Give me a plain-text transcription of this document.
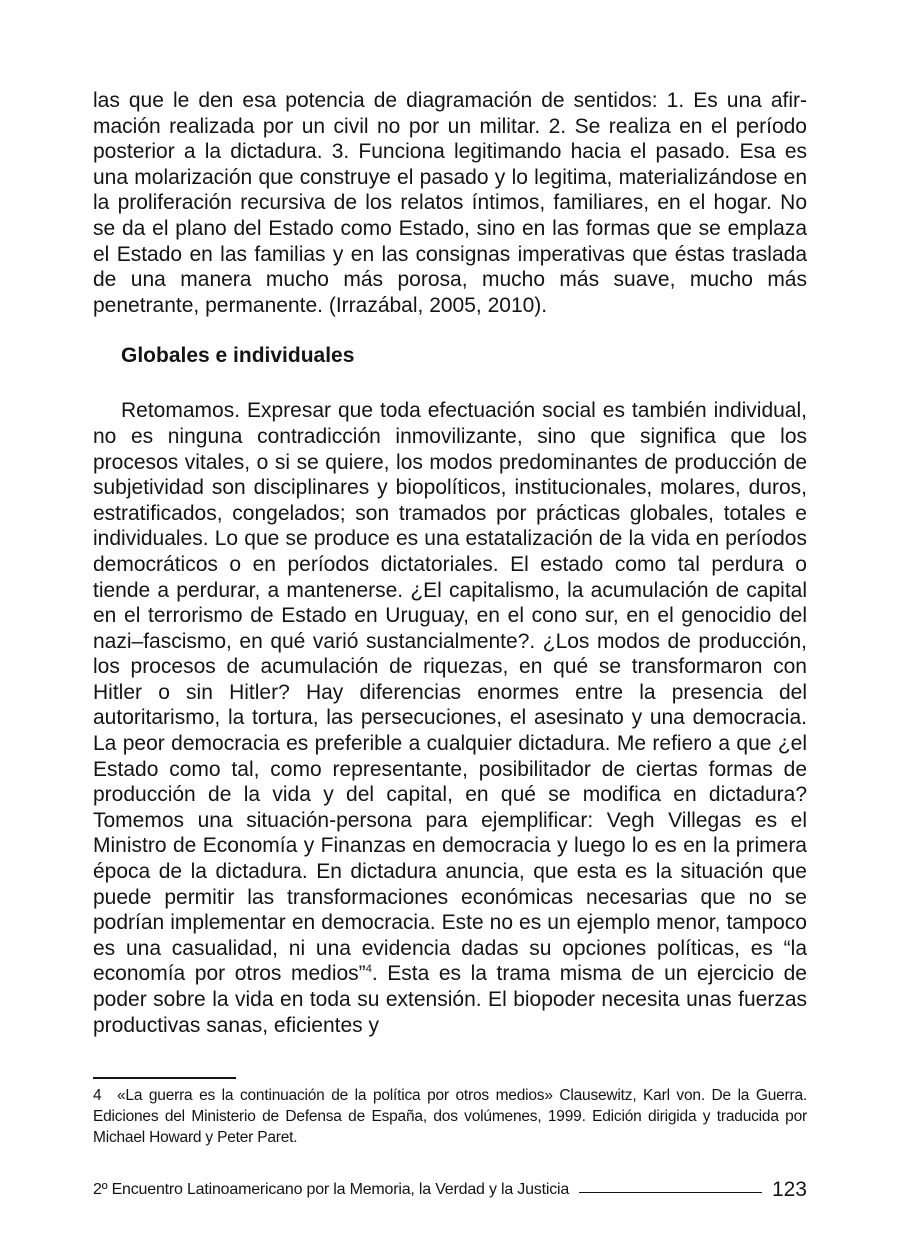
las que le den esa potencia de diagramación de sentidos: 1. Es una afirmación realizada por un civil no por un militar. 2. Se realiza en el período posterior a la dictadura. 3. Funciona legitimando hacia el pasado. Esa es una molarización que construye el pasado y lo legitima, materializándose en la proliferación recursiva de los relatos íntimos, familiares, en el hogar. No se da el plano del Estado como Estado, sino en las formas que se emplaza el Estado en las familias y en las consignas imperativas que éstas traslada de una manera mucho más porosa, mucho más suave, mucho más penetrante, permanente. (Irrazábal, 2005, 2010).

Globales e individuales

Retomamos. Expresar que toda efectuación social es también individual, no es ninguna contradicción inmovilizante, sino que significa que los procesos vitales, o si se quiere, los modos predominantes de producción de subjetividad son disciplinares y biopolíticos, institucionales, molares, duros, estratificados, congelados; son tramados por prácticas globales, totales e individuales. Lo que se produce es una estatalización de la vida en períodos democráticos o en períodos dictatoriales. El estado como tal perdura o tiende a perdurar, a mantenerse. ¿El capitalismo, la acumulación de capital en el terrorismo de Estado en Uruguay, en el cono sur, en el genocidio del nazi–fascismo, en qué varió sustancialmente?. ¿Los modos de producción, los procesos de acumulación de riquezas, en qué se transformaron con Hitler o sin Hitler? Hay diferencias enormes entre la presencia del autoritarismo, la tortura, las persecuciones, el asesinato y una democracia. La peor democracia es preferible a cualquier dictadura. Me refiero a que ¿el Estado como tal, como representante, posibilitador de ciertas formas de producción de la vida y del capital, en qué se modifica en dictadura? Tomemos una situación-persona para ejemplificar: Vegh Villegas es el Ministro de Economía y Finanzas en democracia y luego lo es en la primera época de la dictadura. En dictadura anuncia, que esta es la situación que puede permitir las transformaciones económicas necesarias que no se podrían implementar en democracia. Este no es un ejemplo menor, tampoco es una casualidad, ni una evidencia dadas su opciones políticas, es “la economía por otros medios”$^4$. Esta es la trama misma de un ejercicio de poder sobre la vida en toda su extensión. El biopoder necesita unas fuerzas productivas sanas, eficientes y

4 «La guerra es la continuación de la política por otros medios» Clausewitz, Karl von. De la Guerra. Ediciones del Ministerio de Defensa de España, dos volúmenes, 1999. Edición dirigida y traducida por Michael Howard y Peter Paret.

2º Encuentro Latinoamericano por la Memoria, la Verdad y la Justicia	123
